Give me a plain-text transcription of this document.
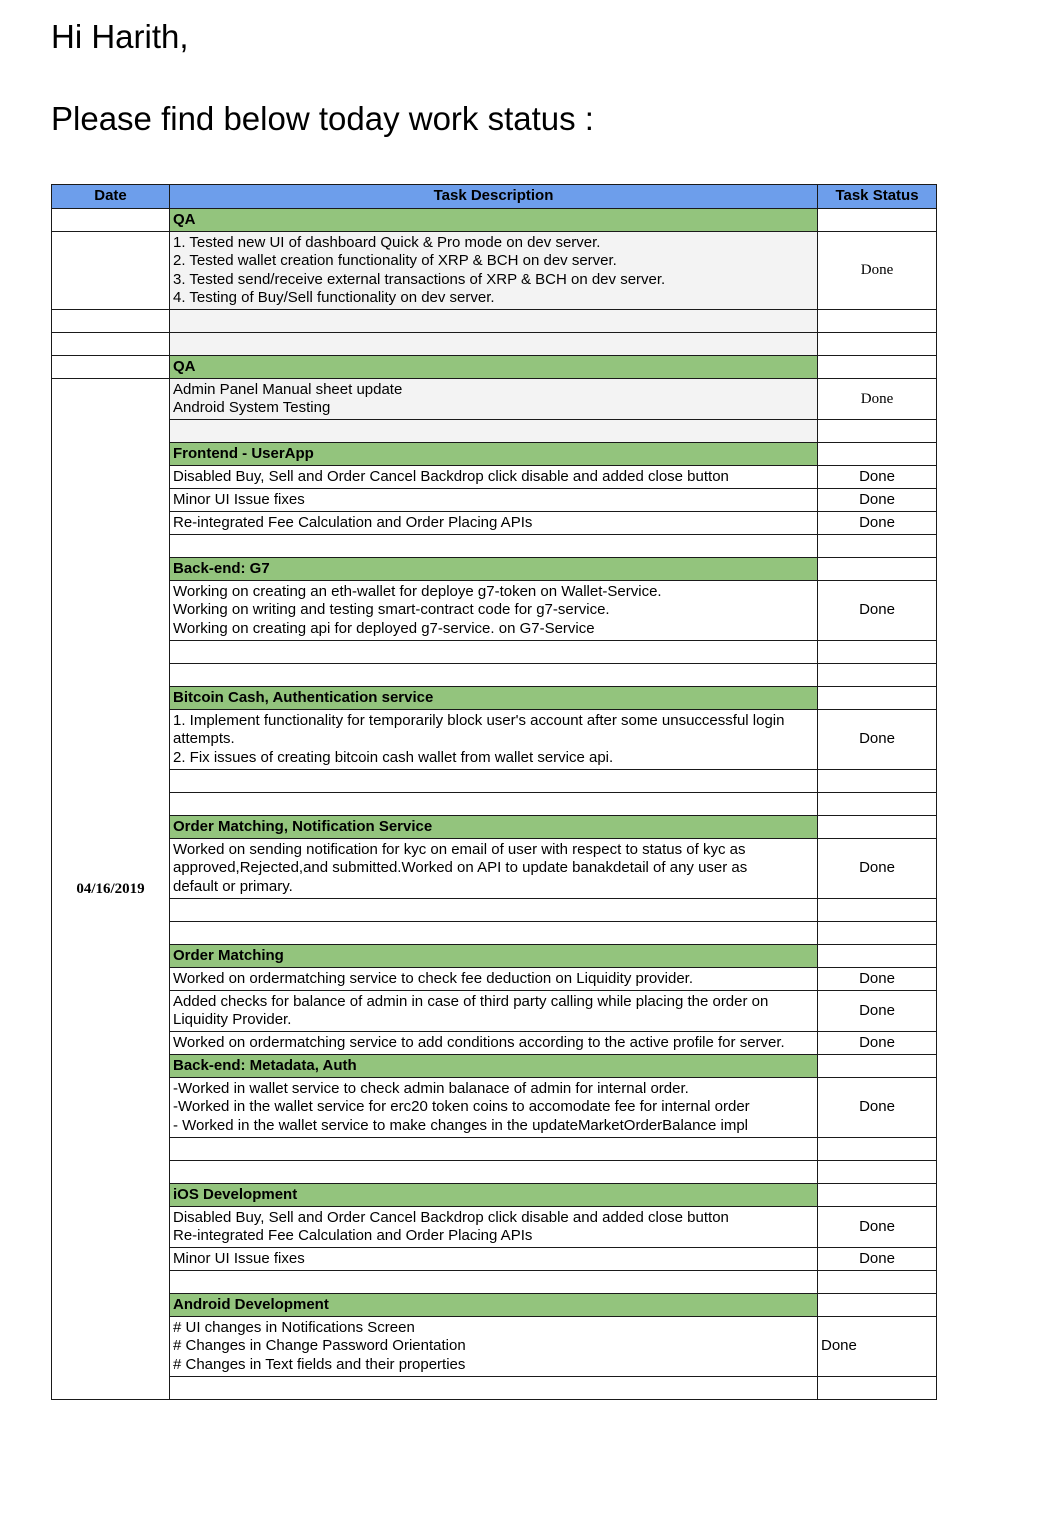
Hi Harith,
Please find below today work status :
Date	Task Description	Task Status
	QA	

	1. Tested new UI of dashboard Quick & Pro mode on dev server.
2. Tested wallet creation functionality of XRP & BCH on dev server.
3. Tested send/receive external transactions of XRP & BCH on dev server.
4. Testing of Buy/Sell functionality on dev server.	Done

	QA	
04/16/2019	Admin Panel Manual sheet update
Android System Testing	Done

	Frontend - UserApp	

	Disabled Buy, Sell and Order Cancel Backdrop click disable and added close button	Done

	Minor UI Issue fixes	Done

	Re-integrated Fee Calculation and Order Placing APIs	Done

	Back-end: G7	

	Working on creating an eth-wallet for deploye g7-token on Wallet-Service.
Working on writing and testing smart-contract code for g7-service.
Working on creating api for deployed g7-service. on G7-Service	Done

	Bitcoin Cash, Authentication service	

	1. Implement functionality for temporarily block user's account after some unsuccessful login
attempts.
2. Fix issues of creating bitcoin cash wallet from wallet service api.	Done

	Order Matching, Notification Service	

	Worked on sending notification for kyc on email of user with respect to status of kyc as
approved,Rejected,and submitted.Worked on API to update banakdetail of any user as
default or primary.	Done

	Order Matching	

	Worked on ordermatching service to check fee deduction on Liquidity provider.	Done

	Added checks for balance of admin in case of third party calling while placing the order on
Liquidity Provider.	Done

	Worked on ordermatching service to add conditions according to the active profile for server.	Done
	Back-end: Metadata, Auth	

	-Worked in wallet service to check admin balanace of admin for internal order.
-Worked in the wallet service for erc20 token coins to accomodate fee for internal order
- Worked in the wallet service to make changes in the updateMarketOrderBalance impl	Done

	iOS Development	

	Disabled Buy, Sell and Order Cancel Backdrop click disable and added close button
Re-integrated Fee Calculation and Order Placing APIs	Done

	Minor UI Issue fixes	Done

	Android Development	

	# UI changes in Notifications Screen
# Changes in Change Password Orientation
# Changes in Text fields and their properties	Done
